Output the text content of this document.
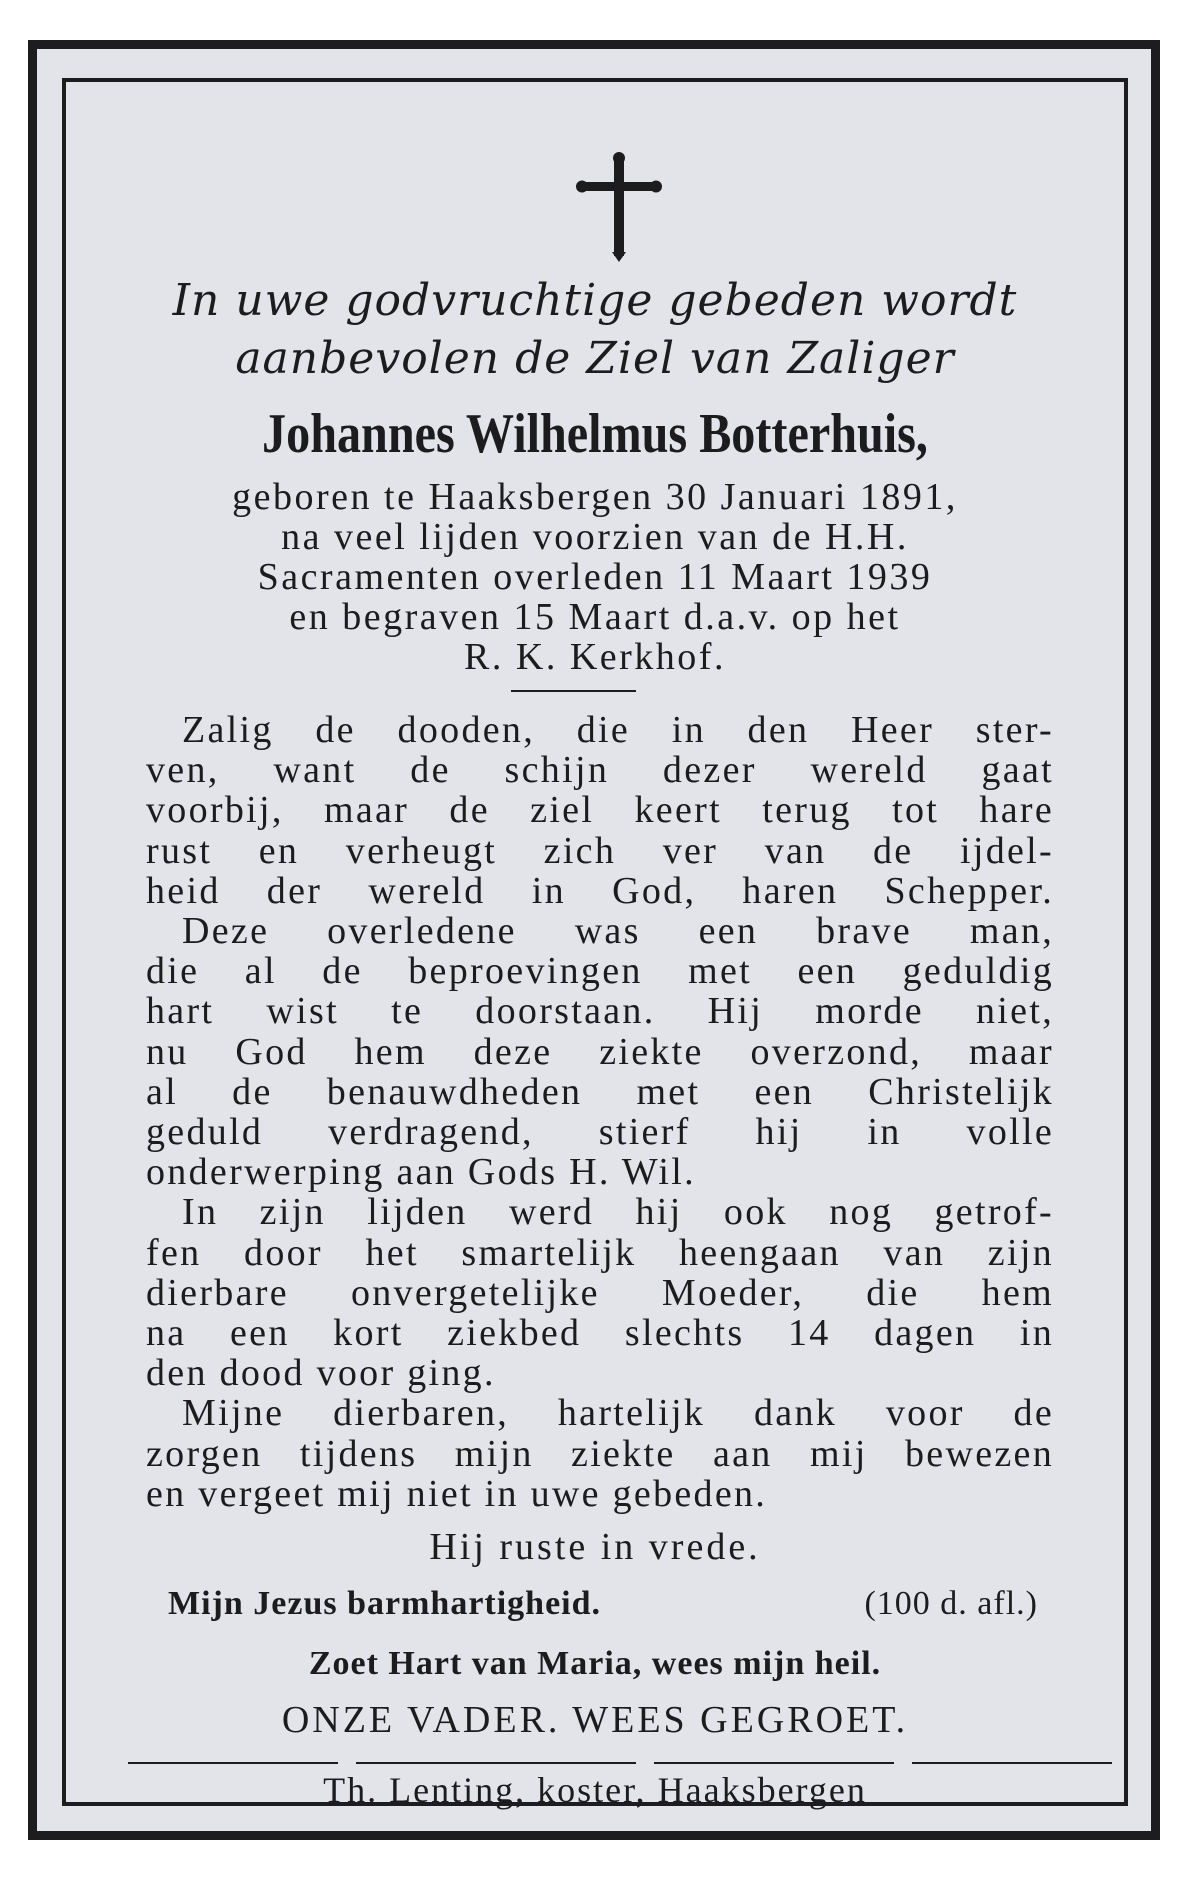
In uwe godvruchtige gebeden wordt
aanbevolen de Ziel van Zaliger
Johannes Wilhelmus Botterhuis,
geboren te Haaksbergen 30 Januari 1891,
na veel lijden voorzien van de H.H.
Sacramenten overleden 11 Maart 1939
en begraven 15 Maart d.a.v. op het
R. K. Kerkhof.
Zalig de dooden, die in den Heer ster-
ven, want de schijn dezer wereld gaat
voorbij, maar de ziel keert terug tot hare
rust en verheugt zich ver van de ijdel-
heid der wereld in God, haren Schepper.
Deze overledene was een brave man,
die al de beproevingen met een geduldig
hart wist te doorstaan. Hij morde niet,
nu God hem deze ziekte overzond, maar
al de benauwdheden met een Christelijk
geduld verdragend, stierf hij in volle
onderwerping aan Gods H. Wil.
In zijn lijden werd hij ook nog getrof-
fen door het smartelijk heengaan van zijn
dierbare onvergetelijke Moeder, die hem
na een kort ziekbed slechts 14 dagen in
den dood voor ging.
Mijne dierbaren, hartelijk dank voor de
zorgen tijdens mijn ziekte aan mij bewezen
en vergeet mij niet in uwe gebeden.
Hij ruste in vrede.
Mijn Jezus barmhartigheid.	(100 d. afl.)
Zoet Hart van Maria, wees mijn heil.
ONZE VADER. WEES GEGROET.
Th. Lenting, koster, Haaksbergen
